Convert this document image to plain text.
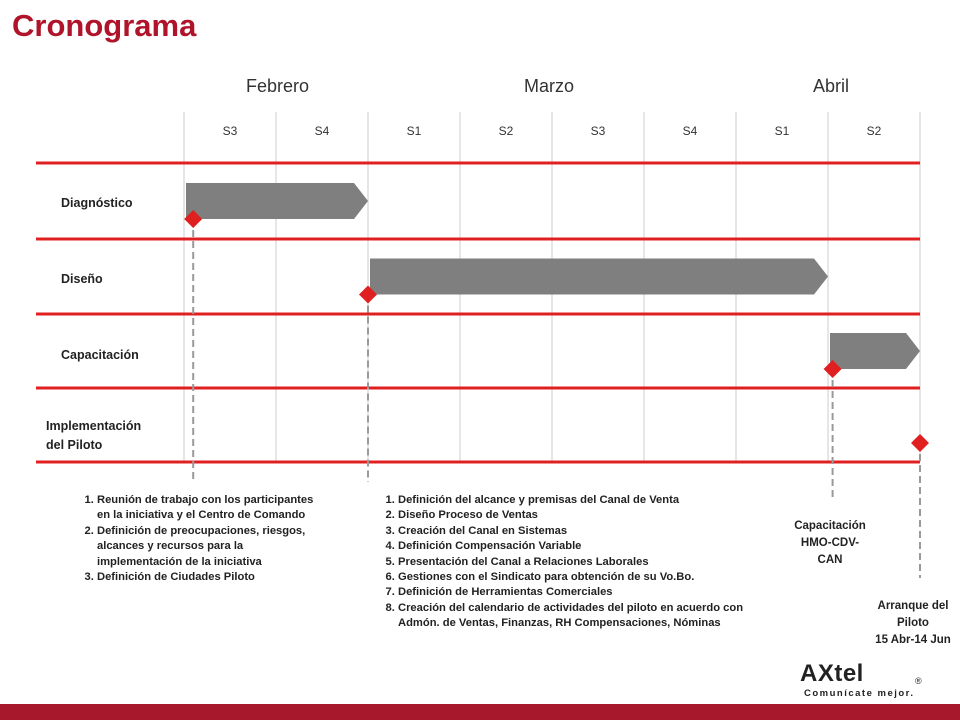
Cronograma
Febrero	Marzo	Abril
S3	S4	S1	S2	S3	S4	S1	S2
Diagnóstico
Diseño
Capacitación
Implementación
del Piloto
1. Reunión de trabajo con los participantes
en la iniciativa y el Centro de Comando
2. Definición de preocupaciones, riesgos,
alcances y recursos para la
implementación de la iniciativa
3. Definición de Ciudades Piloto
1. Definición del alcance y premisas del Canal de Venta
2. Diseño Proceso de Ventas
3. Creación del Canal en Sistemas
4. Definición Compensación Variable
5. Presentación del Canal a Relaciones Laborales
6. Gestiones con el Sindicato para obtención de su Vo.Bo.
7. Definición de Herramientas Comerciales
8. Creación del calendario de actividades del piloto en acuerdo con
Admón. de Ventas, Finanzas, RH Compensaciones, Nóminas
Capacitación
HMO-CDV-
CAN
Arranque del
Piloto
15 Abr-14 Jun
AXtel	®
Comunícate mejor.
